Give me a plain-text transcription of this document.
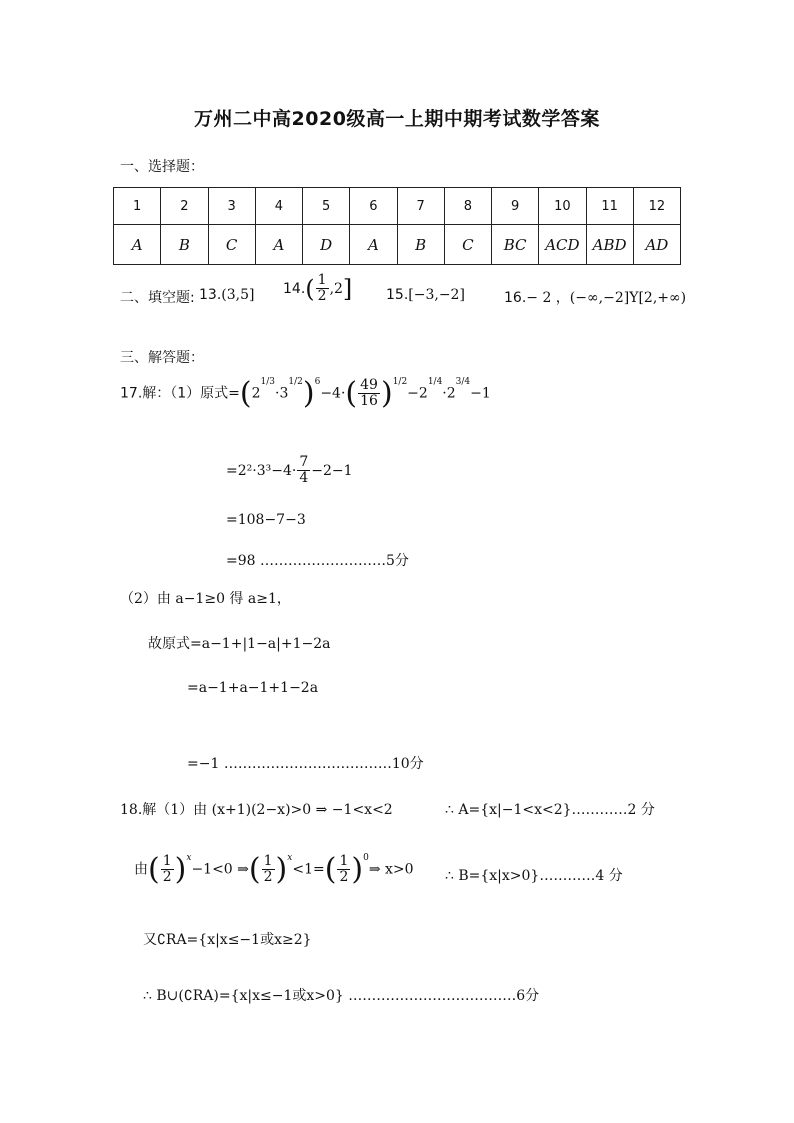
万州二中高2020级高一上期中期考试数学答案
一、选择题：
1	2	3	4	5	6	7	8	9	10	11	12
A	B	C	A	D	A	B	C	BC	ACD	ABD	AD
二、填空题: 13.(3,5] $14.( \frac{1}{2} ,2]$ 15.[−3,−2]	16.− 2 ，(−∞,−2]Y[2,+∞)
三、解答题：
17.解：（1）原式$=(2^{1/3}\cdot 3^{1/2})^6-4\cdot( \frac{49}{16} )^{1/2}-2^{1/4}\cdot 2^{3/4}-1$
$=2^2\cdot 3^3-4\cdot \frac{7}{4} -2-1$
=108−7−3
=98 ………………………5分
（2）由 a−1≥0 得 a≥1，
故原式=a−1+|1−a|+1−2a
=a−1+a−1+1−2a
=−1 ………………………………10分
18.解（1）由 (x+1)(2−x)>0 ⇒ −1<x<2	∴ A={x|−1<x<2}…………2 分
由( $\frac{1}{2} )^x-1<0$ ⇒( $\frac{1}{2} )^x<1=( \frac{1}{2}$ )$^0\Rightarrow$ x>0 ∴ B={x|x>0}…………4 分
又∁RA={x|x≤−1或x≥2}
∴ B∪(∁RA)={x|x≤−1或x>0} ………………………………6分
